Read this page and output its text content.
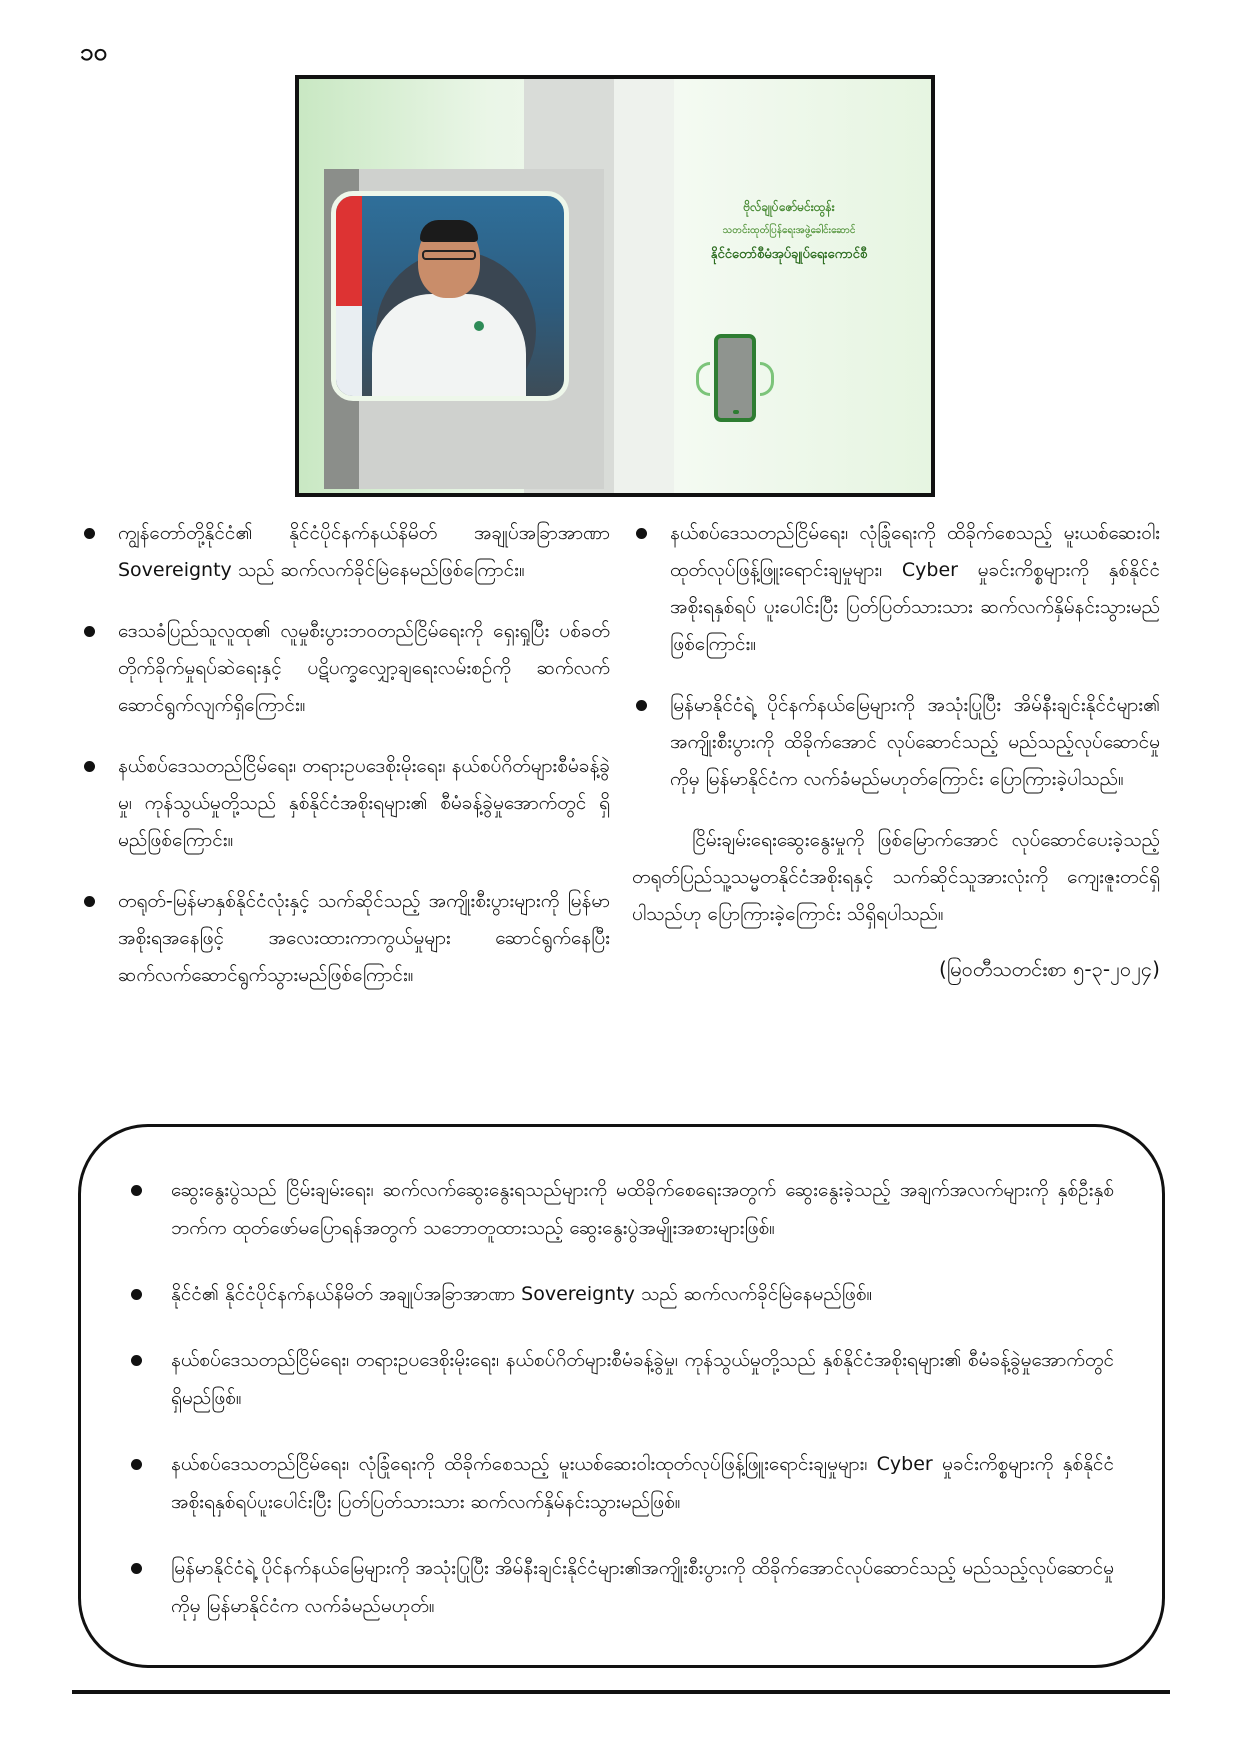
၁၀
ဗိုလ်ချုပ်ဇော်မင်းထွန်း
သတင်းထုတ်ပြန်ရေးအဖွဲ့ခေါင်းဆောင်
နိုင်ငံတော်စီမံအုပ်ချုပ်ရေးကောင်စီ
ကျွန်တော်တို့နိုင်ငံ၏ နိုင်ငံပိုင်နက်နယ်နိမိတ် အချုပ်အခြာအာဏာ Sovereignty သည် ဆက်လက်ခိုင်မြဲနေမည်ဖြစ်ကြောင်း။
ဒေသခံပြည်သူလူထု၏ လူမှုစီးပွားဘဝတည်ငြိမ်ရေးကို ရှေးရှုပြီး ပစ်ခတ်တိုက်ခိုက်မှုရပ်ဆဲရေးနှင့် ပဋိပက္ခလျှော့ချရေးလမ်းစဉ်ကို ဆက်လက်ဆောင်ရွက်လျက်ရှိကြောင်း။
နယ်စပ်ဒေသတည်ငြိမ်ရေး၊ တရားဥပဒေစိုးမိုးရေး၊ နယ်စပ်ဂိတ်များစီမံခန့်ခွဲမှု၊ ကုန်သွယ်မှုတို့သည် နှစ်နိုင်ငံအစိုးရများ၏ စီမံခန့်ခွဲမှုအောက်တွင် ရှိမည်ဖြစ်ကြောင်း။
တရုတ်-မြန်မာနှစ်နိုင်ငံလုံးနှင့် သက်ဆိုင်သည့် အကျိုးစီးပွားများကို မြန်မာအစိုးရအနေဖြင့် အလေးထားကာကွယ်မှုများ ဆောင်ရွက်နေပြီး ဆက်လက်ဆောင်ရွက်သွားမည်ဖြစ်ကြောင်း။
နယ်စပ်ဒေသတည်ငြိမ်ရေး၊ လုံခြုံရေးကို ထိခိုက်စေသည့် မူးယစ်ဆေးဝါး ထုတ်လုပ်ဖြန့်ဖြူးရောင်းချမှုများ၊ Cyber မှုခင်းကိစ္စများကို နှစ်နိုင်ငံအစိုးရနှစ်ရပ် ပူးပေါင်းပြီး ပြတ်ပြတ်သားသား ဆက်လက်နှိမ်နင်းသွားမည်ဖြစ်ကြောင်း။
မြန်မာနိုင်ငံရဲ့ ပိုင်နက်နယ်မြေများကို အသုံးပြုပြီး အိမ်နီးချင်းနိုင်ငံများ၏ အကျိုးစီးပွားကို ထိခိုက်အောင် လုပ်ဆောင်သည့် မည်သည့်လုပ်ဆောင်မှုကိုမှ မြန်မာနိုင်ငံက လက်ခံမည်မဟုတ်ကြောင်း ပြောကြားခဲ့ပါသည်။
ငြိမ်းချမ်းရေးဆွေးနွေးမှုကို ဖြစ်မြောက်အောင် လုပ်ဆောင်ပေးခဲ့သည့် တရုတ်ပြည်သူ့သမ္မတနိုင်ငံအစိုးရနှင့် သက်ဆိုင်သူအားလုံးကို ကျေးဇူးတင်ရှိပါသည်ဟု ပြောကြားခဲ့ကြောင်း သိရှိရပါသည်။
(မြဝတီသတင်းစာ ၅-၃-၂၀၂၄)
ဆွေးနွေးပွဲသည် ငြိမ်းချမ်းရေး၊ ဆက်လက်ဆွေးနွေးရသည်များကို မထိခိုက်စေရေးအတွက် ဆွေးနွေးခဲ့သည့် အချက်အလက်များကို နှစ်ဦးနှစ်ဘက်က ထုတ်ဖော်မပြောရန်အတွက် သဘောတူထားသည့် ဆွေးနွေးပွဲအမျိုးအစားများဖြစ်။
နိုင်ငံ၏ နိုင်ငံပိုင်နက်နယ်နိမိတ် အချုပ်အခြာအာဏာ Sovereignty သည် ဆက်လက်ခိုင်မြဲနေမည်ဖြစ်။
နယ်စပ်ဒေသတည်ငြိမ်ရေး၊ တရားဥပဒေစိုးမိုးရေး၊ နယ်စပ်ဂိတ်များစီမံခန့်ခွဲမှု၊ ကုန်သွယ်မှုတို့သည် နှစ်နိုင်ငံအစိုးရများ၏ စီမံခန့်ခွဲမှုအောက်တွင် ရှိမည်ဖြစ်။
နယ်စပ်ဒေသတည်ငြိမ်ရေး၊ လုံခြုံရေးကို ထိခိုက်စေသည့် မူးယစ်ဆေးဝါးထုတ်လုပ်ဖြန့်ဖြူးရောင်းချမှုများ၊ Cyber မှုခင်းကိစ္စများကို နှစ်နိုင်ငံအစိုးရနှစ်ရပ်ပူးပေါင်းပြီး ပြတ်ပြတ်သားသား ဆက်လက်နှိမ်နင်းသွားမည်ဖြစ်။
မြန်မာနိုင်ငံရဲ့ ပိုင်နက်နယ်မြေများကို အသုံးပြုပြီး အိမ်နီးချင်းနိုင်ငံများ၏အကျိုးစီးပွားကို ထိခိုက်အောင်လုပ်ဆောင်သည့် မည်သည့်လုပ်ဆောင်မှုကိုမှ မြန်မာနိုင်ငံက လက်ခံမည်မဟုတ်။
